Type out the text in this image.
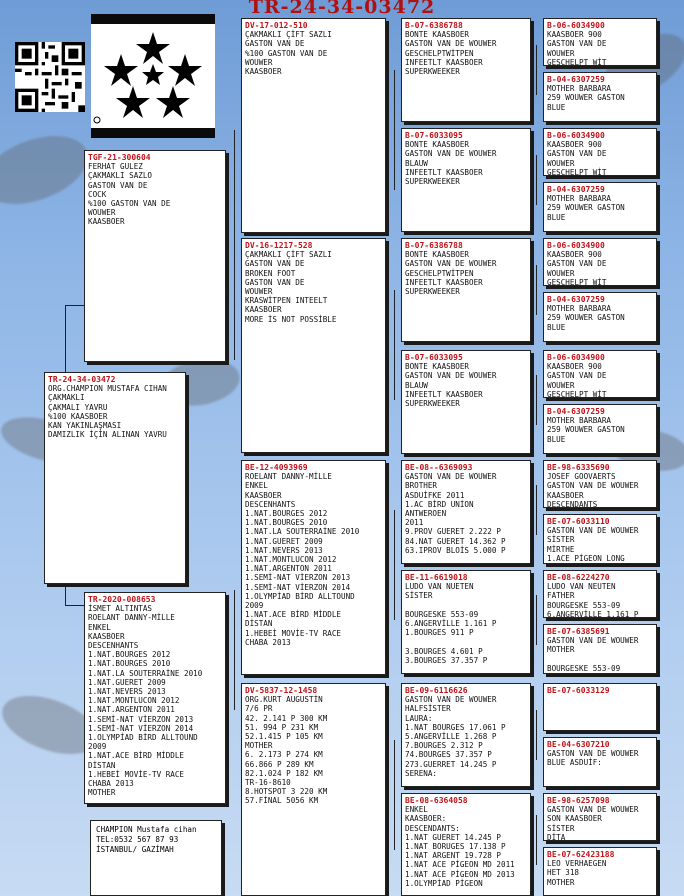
TR-24-34-03472
TR-24-34-03472
ORG.CHAMPION MUSTAFA CIHAN
ÇAKMAKLI
ÇAKMALI YAVRU
%100 KAASBOER
KAN YAKINLAŞMASI
DAMIZLIK İÇİN ALINAN YAVRU
TGF-21-300604
FERHAT GULEZ
ÇAKMAKLI SAZLO
GASTON VAN DE
COCK
%100 GASTON VAN DE
WOUWER
KAASBOER
TR-2020-008653
İSMET ALTINTAS
ROELANT DANNY-MİLLE
ENKEL
KAASBOER
DESCENHANTS
1.NAT.BOURGES 2012
1.NAT.BOURGES 2010
1.NAT.LA SOUTERRAİNE 2010
1.NAT.GUERET 2009
1.NAT.NEVERS 2013
1.NAT.MONTLUCON 2012
1.NAT.ARGENTON 2011
1.SEMİ-NAT VİERZON 2013
1.SEMİ-NAT VİERZON 2014
1.OLYMPİAD BİRD ALLTOUND
2009
1.NAT.ACE BİRD MİDDLE
DİSTAN
1.HEBEİ MOVİE-TV RACE
CHABA 2013
MOTHER
DV-17-012-510
ÇAKMAKLI ÇİFT SAZLI
GASTON VAN DE
%100 GASTON VAN DE
WOUWER
KAASBOER
DV-16-1217-528
ÇAKMAKLI ÇİFT SAZLI
GASTON VAN DE
BROKEN FOOT
GASTON VAN DE
WOUWER
KRASWİTPEN INTEELT
KAASBOER
MORE İS NOT POSSİBLE
BE-12-4093969
ROELANT DANNY-MİLLE
ENKEL
KAASBOER
DESCENHANTS
1.NAT.BOURGES 2012
1.NAT.BOURGES 2010
1.NAT.LA SOUTERRAİNE 2010
1.NAT.GUERET 2009
1.NAT.NEVERS 2013
1.NAT.MONTLUCON 2012
1.NAT.ARGENTON 2011
1.SEMİ-NAT VİERZON 2013
1.SEMİ-NAT VİERZON 2014
1.OLYMPİAD BİRD ALLTOUND
2009
1.NAT.ACE BİRD MİDDLE
DİSTAN
1.HEBEİ MOVİE-TV RACE
CHABA 2013
DV-5837-12-1458
ORG.KURT AUGUSTİN
7/6 PR
42. 2.141 P 300 KM
51. 994 P 231 KM
52.1.415 P 105 KM
MOTHER
6. 2.173 P 274 KM
66.866 P 289 KM
82.1.024 P 182 KM
TR-16-8610
8.HOTSPOT 3 220 KM
57.FİNAL 5056 KM
B-07-6386788
BONTE KAASBOER
GASTON VAN DE WOUWER
GESCHELPTWİTPEN
INFEETLT KAASBOER
SUPERKWEEKER
B-07-6033095
BONTE KAASBOER
GASTON VAN DE WOUWER
BLAUW
INFEETLT KAASBOER
SUPERKWEEKER
B-07-6386788
BONTE KAASBOER
GASTON VAN DE WOUWER
GESCHELPTWİTPEN
INFEETLT KAASBOER
SUPERKWEEKER
B-07-6033095
BONTE KAASBOER
GASTON VAN DE WOUWER
BLAUW
INFEETLT KAASBOER
SUPERKWEEKER
BE-08--6369093
GASTON VAN DE WOUWER
BROTHER
ASDUİFKE 2011
1.AC BİRD UNİON
ANTWEROEN
2011
9.PROV GUERET 2.222 P
84.NAT GUERET 14.362 P
63.IPROV BLOİS 5.000 P
BE-11-6619018
LUDO VAN NUETEN
SİSTER

BOURGESKE 553-09
6.ANGERVİLLE 1.161 P
1.BOURGES 911 P

3.BOURGES 4.601 P
3.BOURGES 37.357 P
BE-09-6116626
GASTON VAN DE WOUWER
HALFSİSTER
LAURA:
1.NAT BOURGES 17.061 P
5.ANGERVİLLE 1.268 P
7.BOURGES 2.312 P
74.BOURGES 37.357 P
273.GUERRET 14.245 P
SERENA:
BE-08-6364058
ENKEL
KAASBOER:
DESCENDANTS:
1.NAT GUERET 14.245 P
1.NAT BORUGES 17.138 P
1.NAT ARGENT 19.728 P
1.NAT ACE PİGEON MD 2011
1.NAT ACE PİGEON MD 2013
1.OLYMPİAD PİGEON
B-06-6034900
KAASBOER 900
GASTON VAN DE
WOUWER
GESCHELPT WİT
B-04-6307259
MOTHER BARBARA
259 WOUWER GASTON
BLUE
B-06-6034900
KAASBOER 900
GASTON VAN DE
WOUWER
GESCHELPT WİT
B-04-6307259
MOTHER BARBARA
259 WOUWER GASTON
BLUE
B-06-6034900
KAASBOER 900
GASTON VAN DE
WOUWER
GESCHELPT WİT
B-04-6307259
MOTHER BARBARA
259 WOUWER GASTON
BLUE
B-06-6034900
KAASBOER 900
GASTON VAN DE
WOUWER
GESCHELPT WİT
B-04-6307259
MOTHER BARBARA
259 WOUWER GASTON
BLUE
BE-98-6335690
JOSEF GOOVAERTS
GASTON VAN DE WOUWER
KAASBOER
DESCENDANTS
BE-07-6033110
GASTON VAN DE WOUWER
SİSTER
MİRTHE
1.ACE PİGEON LONG
BE-08-6224270
LUDO VAN NEUTEN
FATHER
BOURGESKE 553-09
6.ANGERVİLLE 1.161 P
BE-07-6385691
GASTON VAN DE WOUWER
MOTHER

BOURGESKE 553-09
BE-07-6033129
BE-04-6307210
GASTON VAN DE WOUWER
BLUE ASDUİF:
BE-98-6257098
GASTON VAN DE WOUWER
SON KAASBOER
SİSTER
DİTA
BE-07-62423188
LEO VERHAEGEN
HET 318
MOTHER
CHAMPION Mustafa cihan
TEL:0532 567 87 93
İSTANBUL/ GAZİMAH
